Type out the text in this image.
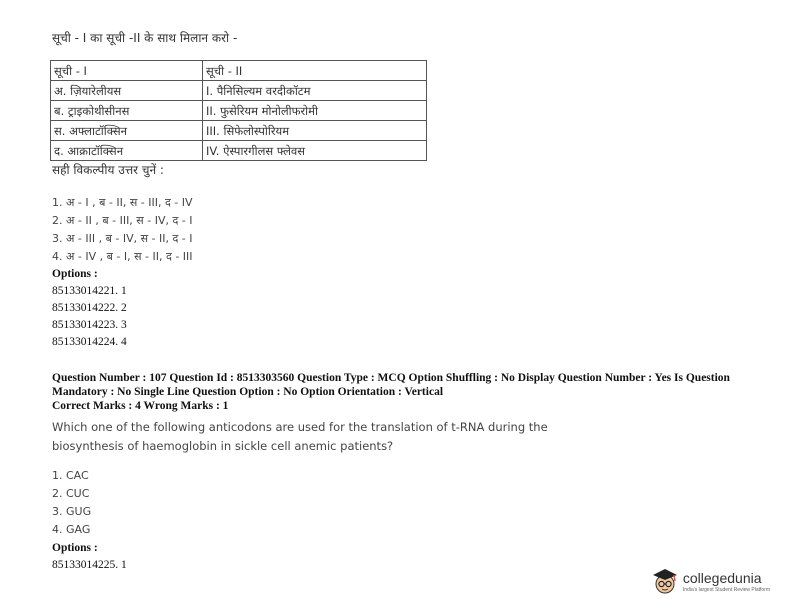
सूची - I का सूची -II के साथ मिलान करो -
सूची - I	सूची - II
अ. ज़ियारेलीयस	I. पैनिसिल्यम वरदीकॉटम
ब. ट्राइकोथीसीनस	II. फुसेरियम मोनोलीफरोमी
स. अफ्लाटॉक्सिन	III. सिफेलोस्पोरियम
द. आक्राटॉक्सिन	IV. ऐस्पारगीलस फ्लेवस
सही विकल्पीय उत्तर चुनें :
1. अ - I , ब - II, स - III, द - IV
2. अ - II , ब - III, स - IV, द - I
3. अ - III , ब - IV, स - II, द - I
4. अ - IV , ब - I, स - II, द - III
Options :
85133014221. 1
85133014222. 2
85133014223. 3
85133014224. 4
Question Number : 107 Question Id : 8513303560 Question Type : MCQ Option Shuffling : No Display Question Number : Yes Is Question Mandatory : No Single Line Question Option : No Option Orientation : Vertical
Correct Marks : 4 Wrong Marks : 1
Which one of the following anticodons are used for the translation of t-RNA during the biosynthesis of haemoglobin in sickle cell anemic patients?
1. CAC
2. CUC
3. GUG
4. GAG
Options :
85133014225. 1
collegedunia
India's largest Student Review Platform
